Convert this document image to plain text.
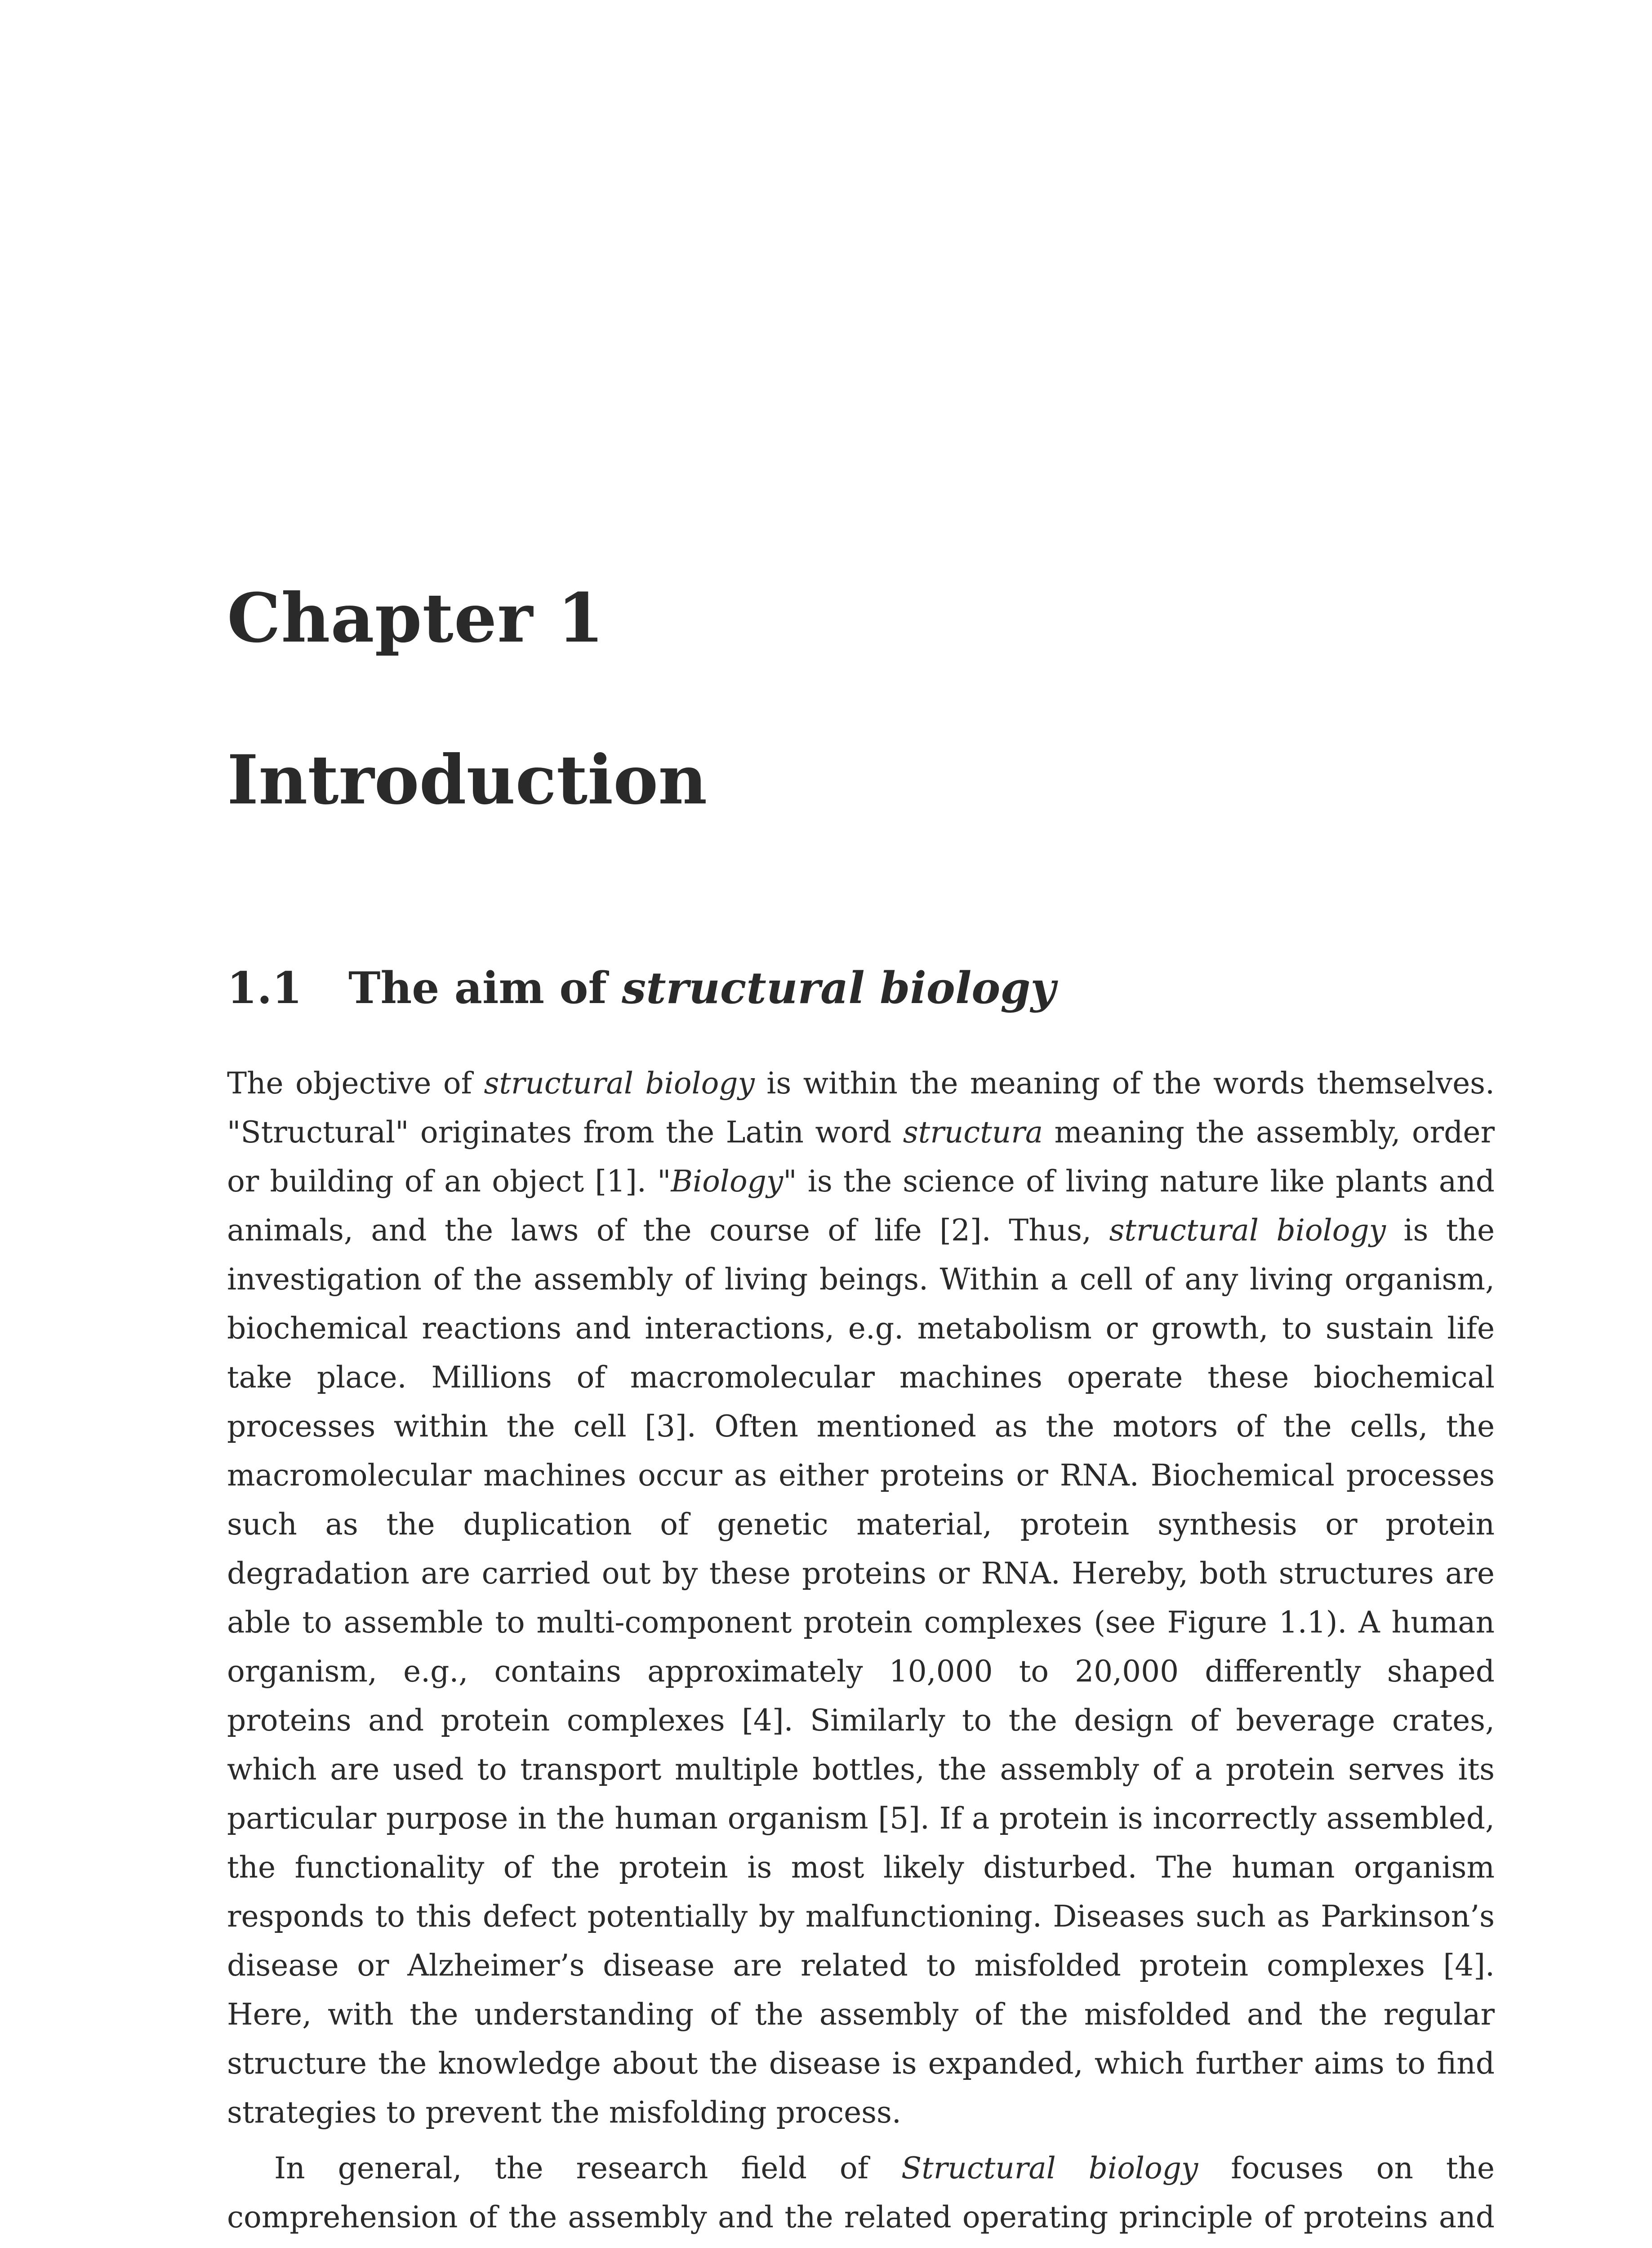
Chapter 1
Introduction
1.1 The aim of structural biology

The objective of structural biology is within the meaning of the words themselves. "Structural" originates from the Latin word structura meaning the assembly, order or building of an object [1]. "Biology" is the science of living nature like plants and animals, and the laws of the course of life [2]. Thus, structural biology is the investigation of the assembly of living beings. Within a cell of any living organism, biochemical reactions and interactions, e.g. metabolism or growth, to sustain life take place. Millions of macromolecular machines operate these biochemical processes within the cell [3]. Often mentioned as the motors of the cells, the macromolecular machines occur as either proteins or RNA. Biochemical processes such as the duplication of genetic material, protein synthesis or protein degradation are carried out by these proteins or RNA. Hereby, both structures are able to assemble to multi-component protein complexes (see Figure 1.1). A human organism, e.g., contains approximately 10,000 to 20,000 differently shaped proteins and protein complexes [4]. Similarly to the design of beverage crates, which are used to transport multiple bottles, the assembly of a protein serves its particular purpose in the human organism [5]. If a protein is incorrectly assembled, the functionality of the protein is most likely disturbed. The human organism responds to this defect potentially by malfunctioning. Diseases such as Parkinson’s disease or Alzheimer’s disease are related to misfolded protein complexes [4]. Here, with the understanding of the assembly of the misfolded and the regular structure the knowledge about the disease is expanded, which further aims to find strategies to prevent the misfolding process.

In general, the research field of Structural biology focuses on the comprehension of the assembly and the related operating principle of proteins and
